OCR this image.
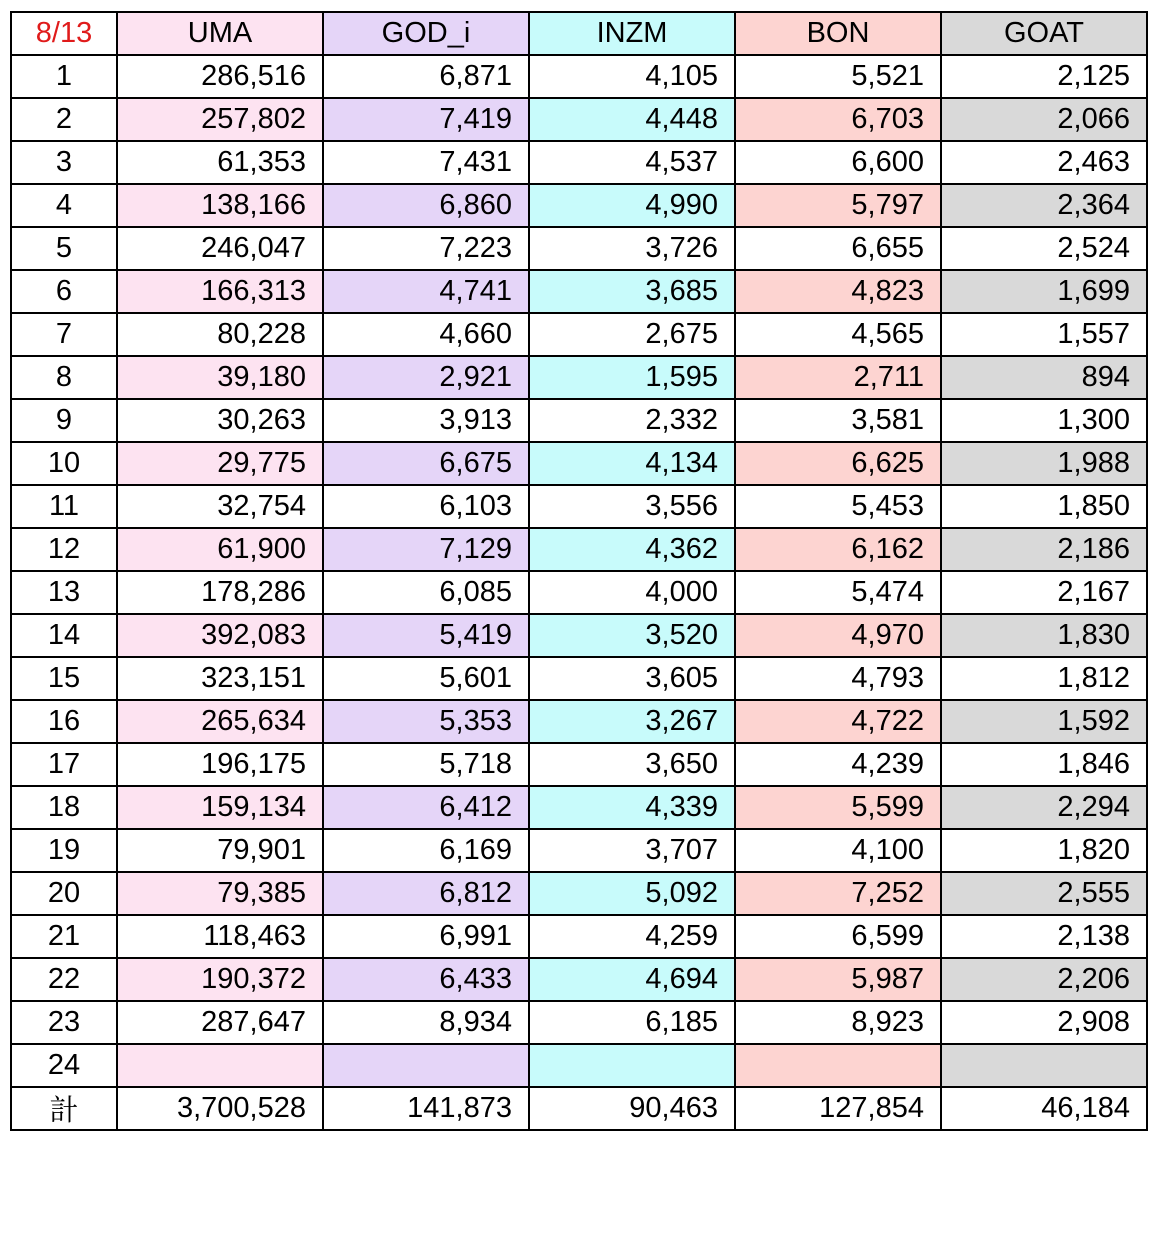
8/13	UMA	GOD_i	INZM	BON	GOAT
1	286,516	6,871	4,105	5,521	2,125
2	257,802	7,419	4,448	6,703	2,066
3	61,353	7,431	4,537	6,600	2,463
4	138,166	6,860	4,990	5,797	2,364
5	246,047	7,223	3,726	6,655	2,524
6	166,313	4,741	3,685	4,823	1,699
7	80,228	4,660	2,675	4,565	1,557
8	39,180	2,921	1,595	2,711	894
9	30,263	3,913	2,332	3,581	1,300
10	29,775	6,675	4,134	6,625	1,988
11	32,754	6,103	3,556	5,453	1,850
12	61,900	7,129	4,362	6,162	2,186
13	178,286	6,085	4,000	5,474	2,167
14	392,083	5,419	3,520	4,970	1,830
15	323,151	5,601	3,605	4,793	1,812
16	265,634	5,353	3,267	4,722	1,592
17	196,175	5,718	3,650	4,239	1,846
18	159,134	6,412	4,339	5,599	2,294
19	79,901	6,169	3,707	4,100	1,820
20	79,385	6,812	5,092	7,252	2,555
21	118,463	6,991	4,259	6,599	2,138
22	190,372	6,433	4,694	5,987	2,206
23	287,647	8,934	6,185	8,923	2,908
24					
計	3,700,528	141,873	90,463	127,854	46,184
